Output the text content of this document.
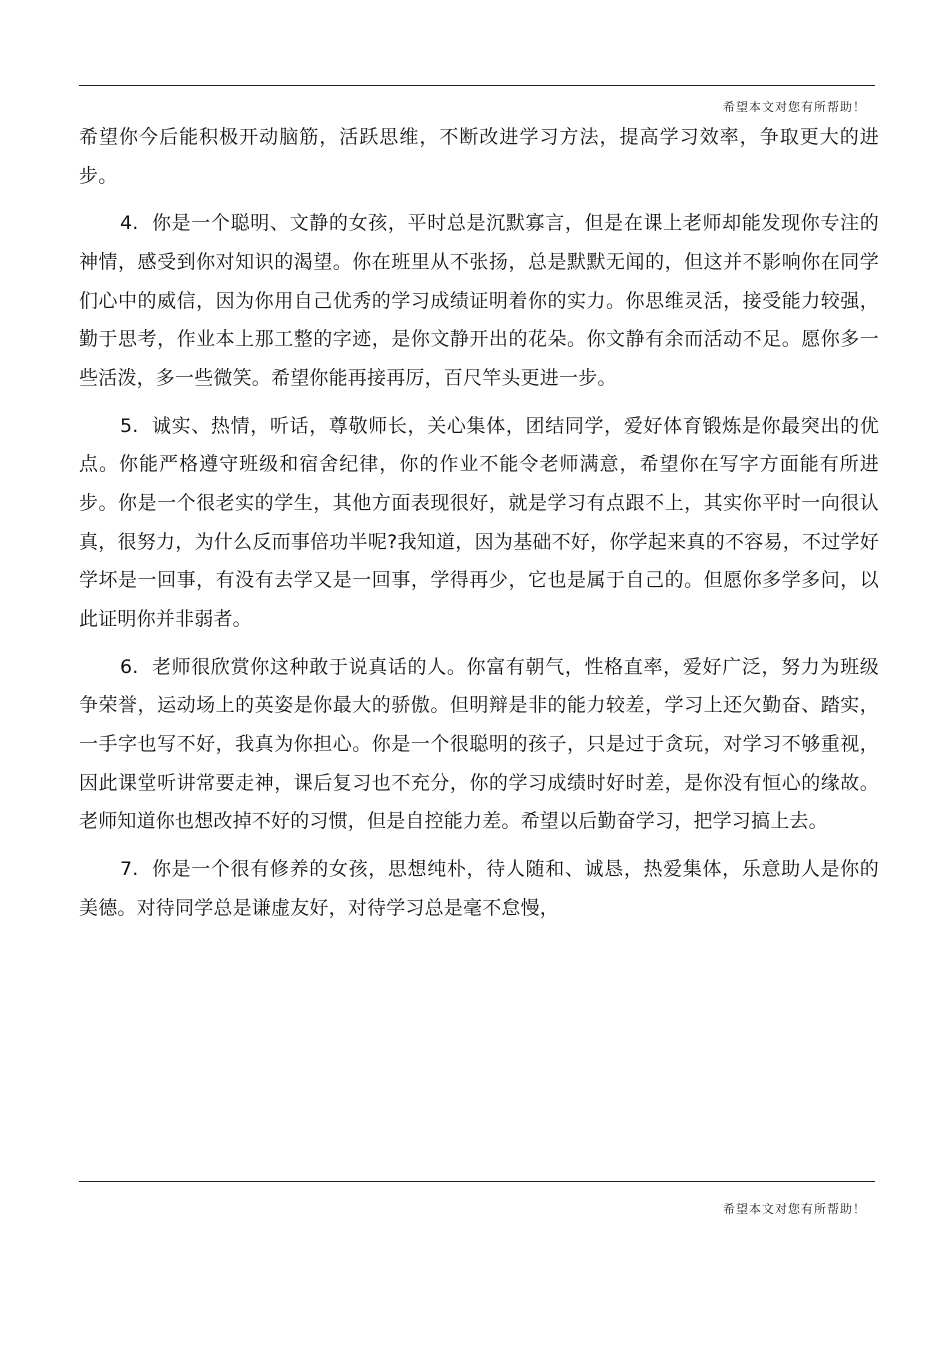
希望本文对您有所帮助！

希望你今后能积极开动脑筋，活跃思维，不断改进学习方法，提高学习效率，争取更大的进步。

4. 你是一个聪明、文静的女孩，平时总是沉默寡言，但是在课上老师却能发现你专注的神情，感受到你对知识的渴望。你在班里从不张扬，总是默默无闻的，但这并不影响你在同学们心中的威信，因为你用自己优秀的学习成绩证明着你的实力。你思维灵活，接受能力较强，勤于思考，作业本上那工整的字迹，是你文静开出的花朵。你文静有余而活动不足。愿你多一些活泼，多一些微笑。希望你能再接再厉，百尺竿头更进一步。

5. 诚实、热情，听话，尊敬师长，关心集体，团结同学，爱好体育锻炼是你最突出的优点。你能严格遵守班级和宿舍纪律，你的作业不能令老师满意，希望你在写字方面能有所进步。你是一个很老实的学生，其他方面表现很好，就是学习有点跟不上，其实你平时一向很认真，很努力，为什么反而事倍功半呢?我知道，因为基础不好，你学起来真的不容易，不过学好学坏是一回事，有没有去学又是一回事，学得再少，它也是属于自己的。但愿你多学多问，以此证明你并非弱者。

6. 老师很欣赏你这种敢于说真话的人。你富有朝气，性格直率，爱好广泛，努力为班级争荣誉，运动场上的英姿是你最大的骄傲。但明辩是非的能力较差，学习上还欠勤奋、踏实，一手字也写不好，我真为你担心。你是一个很聪明的孩子，只是过于贪玩，对学习不够重视，因此课堂听讲常要走神，课后复习也不充分，你的学习成绩时好时差，是你没有恒心的缘故。老师知道你也想改掉不好的习惯，但是自控能力差。希望以后勤奋学习，把学习搞上去。

7. 你是一个很有修养的女孩，思想纯朴，待人随和、诚恳，热爱集体，乐意助人是你的美德。对待同学总是谦虚友好，对待学习总是毫不怠慢，

希望本文对您有所帮助！
